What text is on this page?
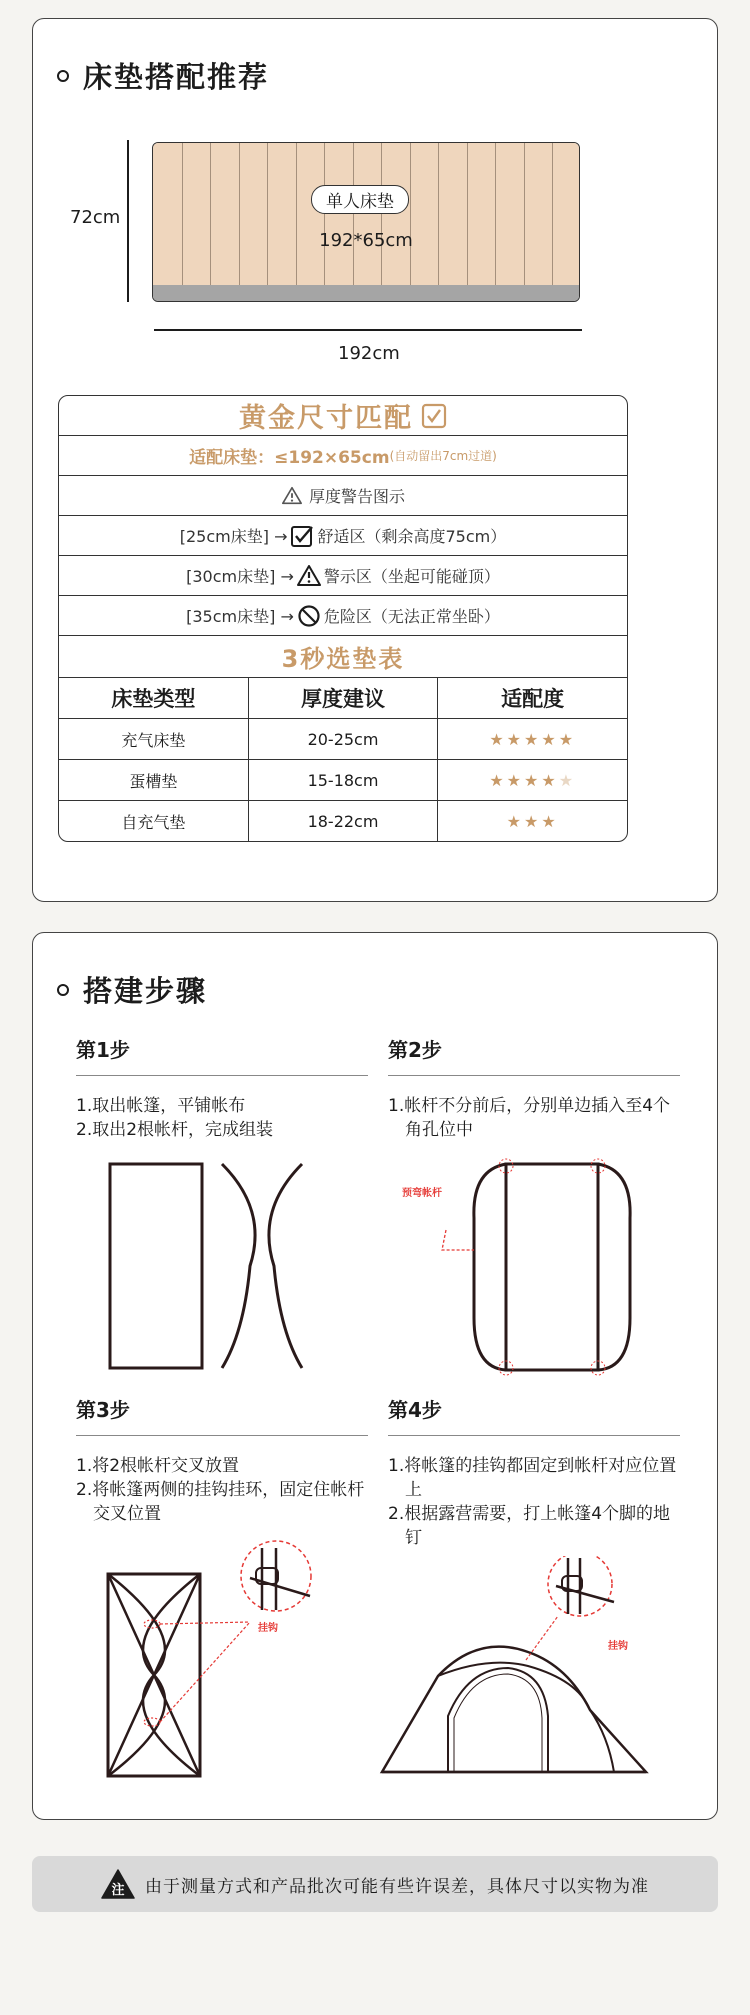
床垫搭配推荐
72cm
单人床垫
192*65cm
192cm
黄金尺寸匹配
适配床垫：≤192×65cm (自动留出7cm过道)
厚度警告图示
[25cm床垫] → 舒适区（剩余高度75cm）
[30cm床垫] → 警示区（坐起可能碰顶）
[35cm床垫] → 危险区（无法正常坐卧）
3秒选垫表
床垫类型	厚度建议	适配度
充气床垫	20-25cm	★ ★ ★ ★ ★
蛋槽垫	15-18cm	★ ★ ★ ★ ★
自充气垫	18-22cm	★ ★ ★
搭建步骤
第1步

1.取出帐篷，平铺帐布

2.取出2根帐杆，完成组装

第2步

1.帐杆不分前后，分别单边插入至4个角孔位中

预弯帐杆
第3步

1.将2根帐杆交叉放置

2.将帐篷两侧的挂钩挂环，固定住帐杆交叉位置

挂钩
第4步

1.将帐篷的挂钩都固定到帐杆对应位置上

2.根据露营需要，打上帐篷4个脚的地钉

挂钩
注 由于测量方式和产品批次可能有些许误差，具体尺寸以实物为准
